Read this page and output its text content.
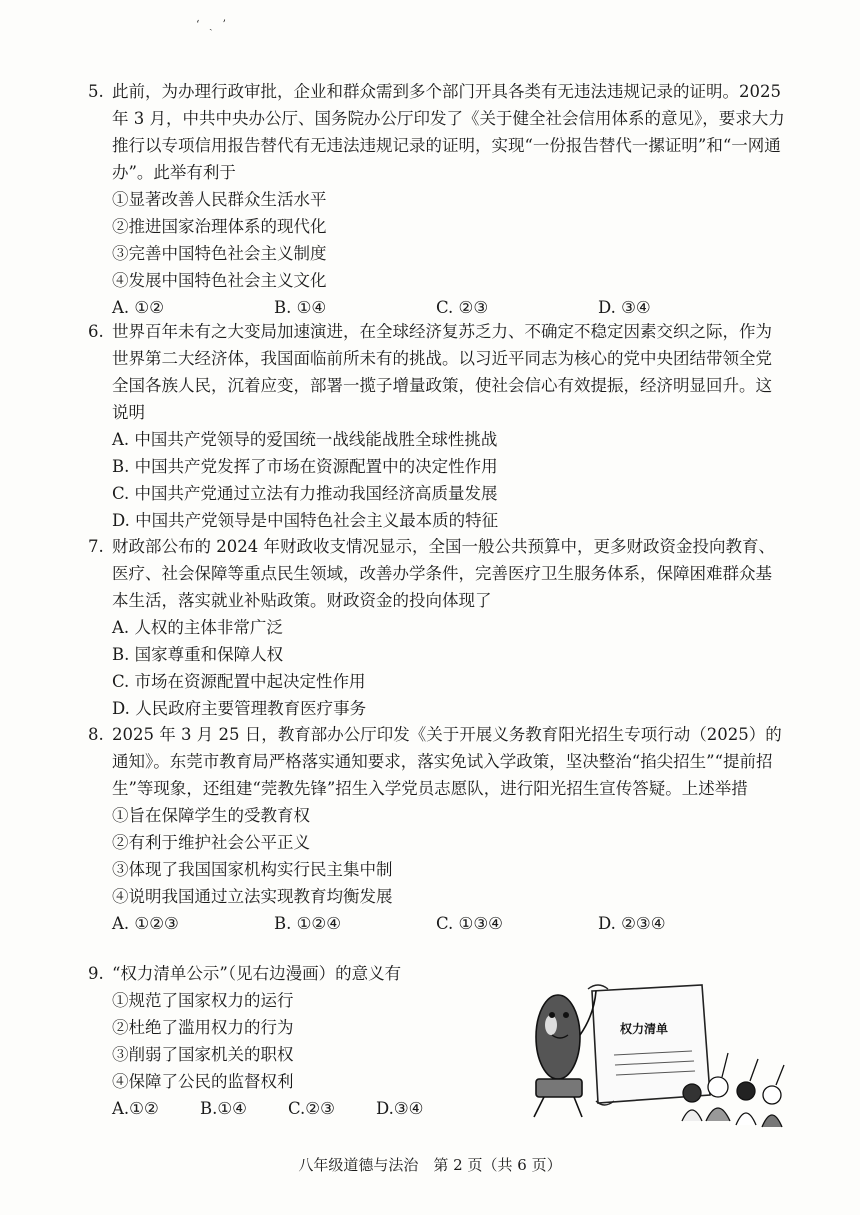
ʻ ˎ ʼ
5. 此前，为办理行政审批，企业和群众需到多个部门开具各类有无违法违规记录的证明。2025 年 3 月，中共中央办公厅、国务院办公厅印发了《关于健全社会信用体系的意见》，要求大力推行以专项信用报告替代有无违法违规记录的证明，实现“一份报告替代一摞证明”和“一网通办”。此举有利于
①显著改善人民群众生活水平
②推进国家治理体系的现代化
③完善中国特色社会主义制度
④发展中国特色社会主义文化
A. ①②	B. ①④	C. ②③	D. ③④
6. 世界百年未有之大变局加速演进，在全球经济复苏乏力、不确定不稳定因素交织之际，作为世界第二大经济体，我国面临前所未有的挑战。以习近平同志为核心的党中央团结带领全党全国各族人民，沉着应变，部署一揽子增量政策，使社会信心有效提振，经济明显回升。这说明
A. 中国共产党领导的爱国统一战线能战胜全球性挑战
B. 中国共产党发挥了市场在资源配置中的决定性作用
C. 中国共产党通过立法有力推动我国经济高质量发展
D. 中国共产党领导是中国特色社会主义最本质的特征
7. 财政部公布的 2024 年财政收支情况显示，全国一般公共预算中，更多财政资金投向教育、医疗、社会保障等重点民生领域，改善办学条件，完善医疗卫生服务体系，保障困难群众基本生活，落实就业补贴政策。财政资金的投向体现了
A. 人权的主体非常广泛
B. 国家尊重和保障人权
C. 市场在资源配置中起决定性作用
D. 人民政府主要管理教育医疗事务
8. 2025 年 3 月 25 日，教育部办公厅印发《关于开展义务教育阳光招生专项行动（2025）的通知》。东莞市教育局严格落实通知要求，落实免试入学政策，坚决整治“掐尖招生”“提前招生”等现象，还组建“莞教先锋”招生入学党员志愿队，进行阳光招生宣传答疑。上述举措
①旨在保障学生的受教育权
②有利于维护社会公平正义
③体现了我国国家机构实行民主集中制
④说明我国通过立法实现教育均衡发展
A. ①②③	B. ①②④	C. ①③④	D. ②③④
9. “权力清单公示”（见右边漫画）的意义有
①规范了国家权力的运行
②杜绝了滥用权力的行为
③削弱了国家机关的职权
④保障了公民的监督权利
A.①②	B.①④	C.②③	D.③④
权力清单
八年级道德与法治　第 2 页（共 6 页）
